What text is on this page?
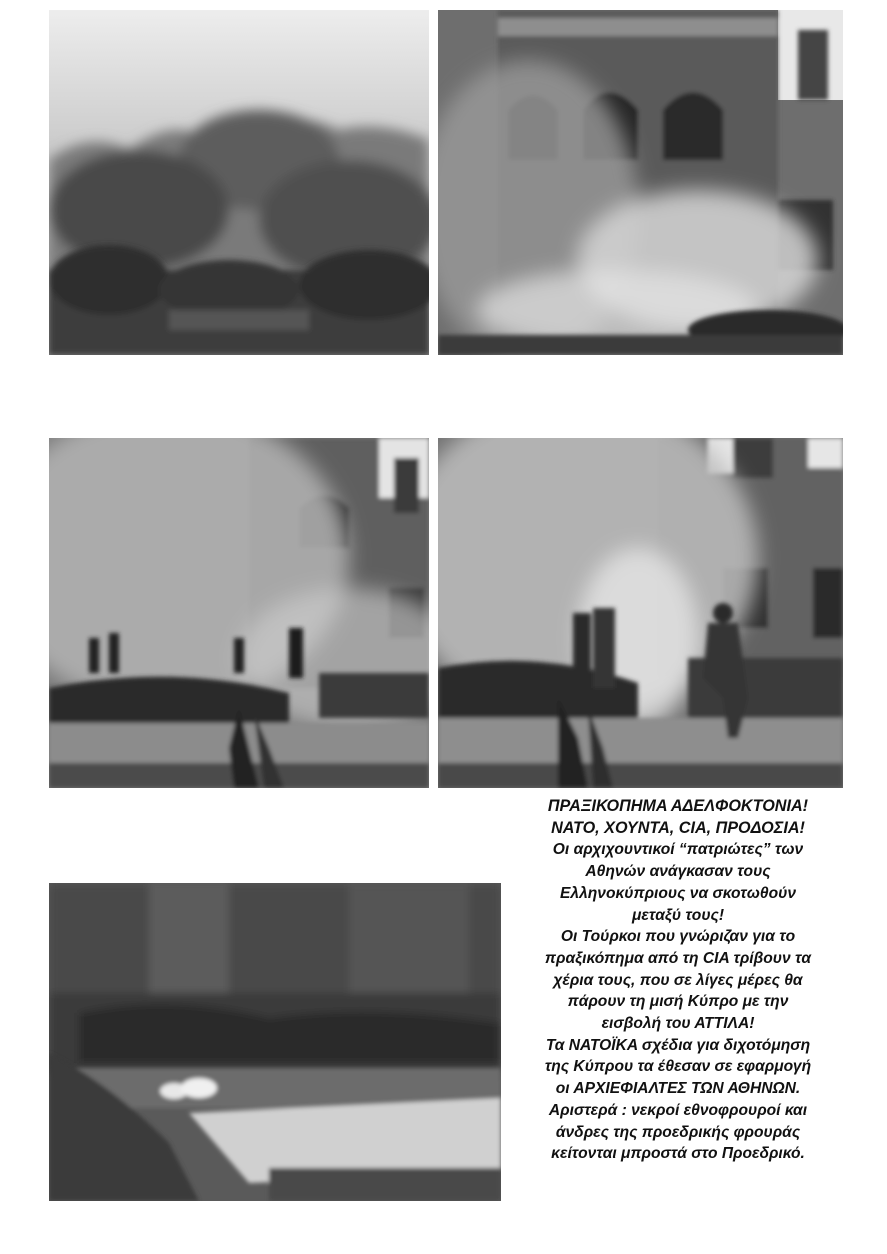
ΠΡΑΞΙΚΟΠΗΜΑ ΑΔΕΛΦΟΚΤΟΝΙΑ!
ΝΑΤΟ, ΧΟΥΝΤΑ, CIA, ΠΡΟΔΟΣΙΑ!
Οι αρχιχουντικοί “πατριώτες” των
Αθηνών ανάγκασαν τους
Ελληνοκύπριους να σκοτωθούν
μεταξύ τους!
Οι Τούρκοι που γνώριζαν για το
πραξικόπημα από τη CIA τρίβουν τα
χέρια τους, που σε λίγες μέρες θα
πάρουν τη μισή Κύπρο με την
εισβολή του ΑΤΤΙΛΑ!
Τα ΝΑΤΟΪΚΑ σχέδια για διχοτόμηση
της Κύπρου τα έθεσαν σε εφαρμογή
οι ΑΡΧΙΕΦΙΑΛΤΕΣ ΤΩΝ ΑΘΗΝΩΝ.
Αριστερά : νεκροί εθνοφρουροί και
άνδρες της προεδρικής φρουράς
κείτονται μπροστά στο Προεδρικό.
